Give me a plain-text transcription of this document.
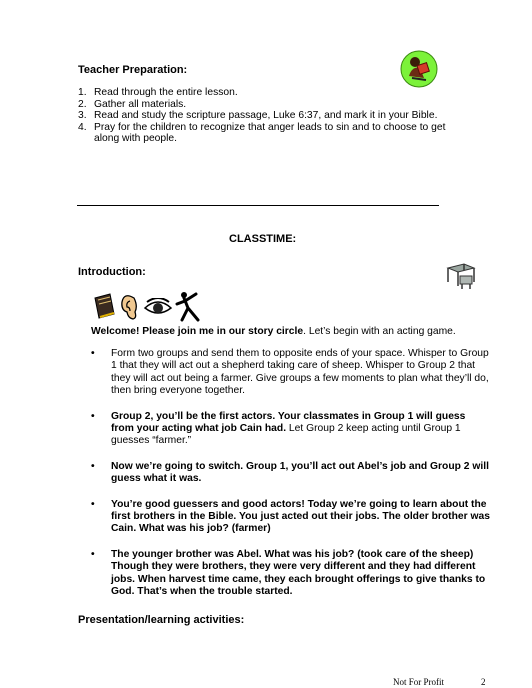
Teacher Preparation:
1. Read through the entire lesson.
2. Gather all materials.
3. Read and study the scripture passage, Luke 6:37, and mark it in your Bible.
4. Pray for the children to recognize that anger leads to sin and to choose to get along with people.
CLASSTIME:
Introduction:
Welcome! Please join me in our story circle. Let’s begin with an acting game.
• Form two groups and send them to opposite ends of your space. Whisper to Group 1 that they will act out a shepherd taking care of sheep. Whisper to Group 2 that they will act out being a farmer. Give groups a few moments to plan what they’ll do, then bring everyone together.
• Group 2, you’ll be the first actors. Your classmates in Group 1 will guess from your acting what job Cain had. Let Group 2 keep acting until Group 1 guesses “farmer.”
• Now we’re going to switch. Group 1, you’ll act out Abel’s job and Group 2 will guess what it was.
• You’re good guessers and good actors! Today we’re going to learn about the first brothers in the Bible. You just acted out their jobs. The older brother was Cain. What was his job? (farmer)
• The younger brother was Abel. What was his job? (took care of the sheep) Though they were brothers, they were very different and they had different jobs. When harvest time came, they each brought offerings to give thanks to God. That’s when the trouble started.
Presentation/learning activities:
Not For Profit	2
